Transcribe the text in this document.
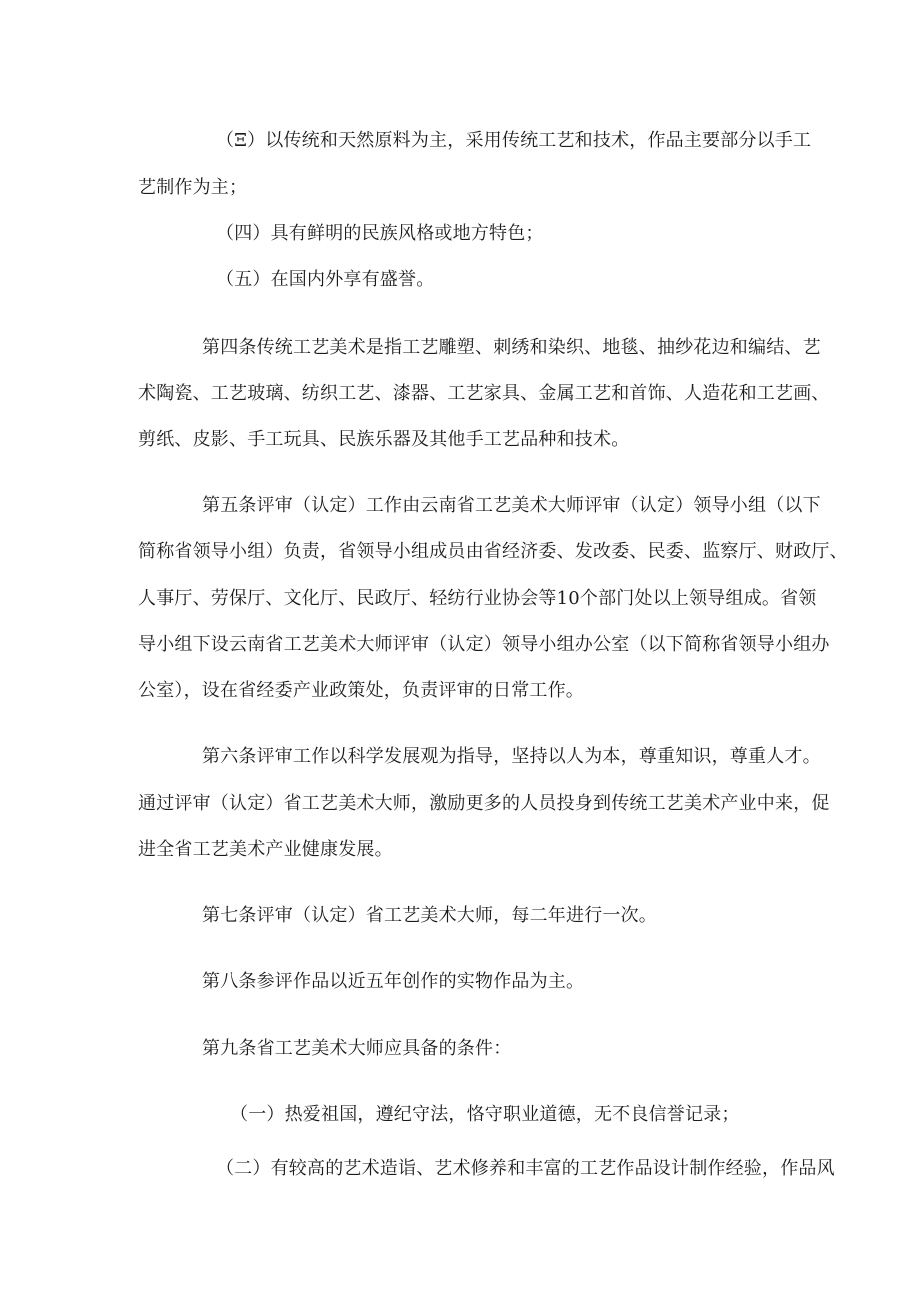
（Ξ）以传统和天然原料为主，采用传统工艺和技术，作品主要部分以手工
艺制作为主；
（四）具有鲜明的民族风格或地方特色；
（五）在国内外享有盛誉。
第四条传统工艺美术是指工艺雕塑、刺绣和染织、地毯、抽纱花边和编结、艺
术陶瓷、工艺玻璃、纺织工艺、漆器、工艺家具、金属工艺和首饰、人造花和工艺画、
剪纸、皮影、手工玩具、民族乐器及其他手工艺品种和技术。
第五条评审（认定）工作由云南省工艺美术大师评审（认定）领导小组（以下
简称省领导小组）负责，省领导小组成员由省经济委、发改委、民委、监察厅、财政厅、
人事厅、劳保厅、文化厅、民政厅、轻纺行业协会等10个部门处以上领导组成。省领
导小组下设云南省工艺美术大师评审（认定）领导小组办公室（以下简称省领导小组办
公室），设在省经委产业政策处，负责评审的日常工作。
第六条评审工作以科学发展观为指导，坚持以人为本，尊重知识，尊重人才。
通过评审（认定）省工艺美术大师，激励更多的人员投身到传统工艺美术产业中来，促
进全省工艺美术产业健康发展。
第七条评审（认定）省工艺美术大师，每二年进行一次。
第八条参评作品以近五年创作的实物作品为主。
第九条省工艺美术大师应具备的条件：
（一）热爱祖国，遵纪守法，恪守职业道德，无不良信誉记录；
（二）有较高的艺术造诣、艺术修养和丰富的工艺作品设计制作经验，作品风
